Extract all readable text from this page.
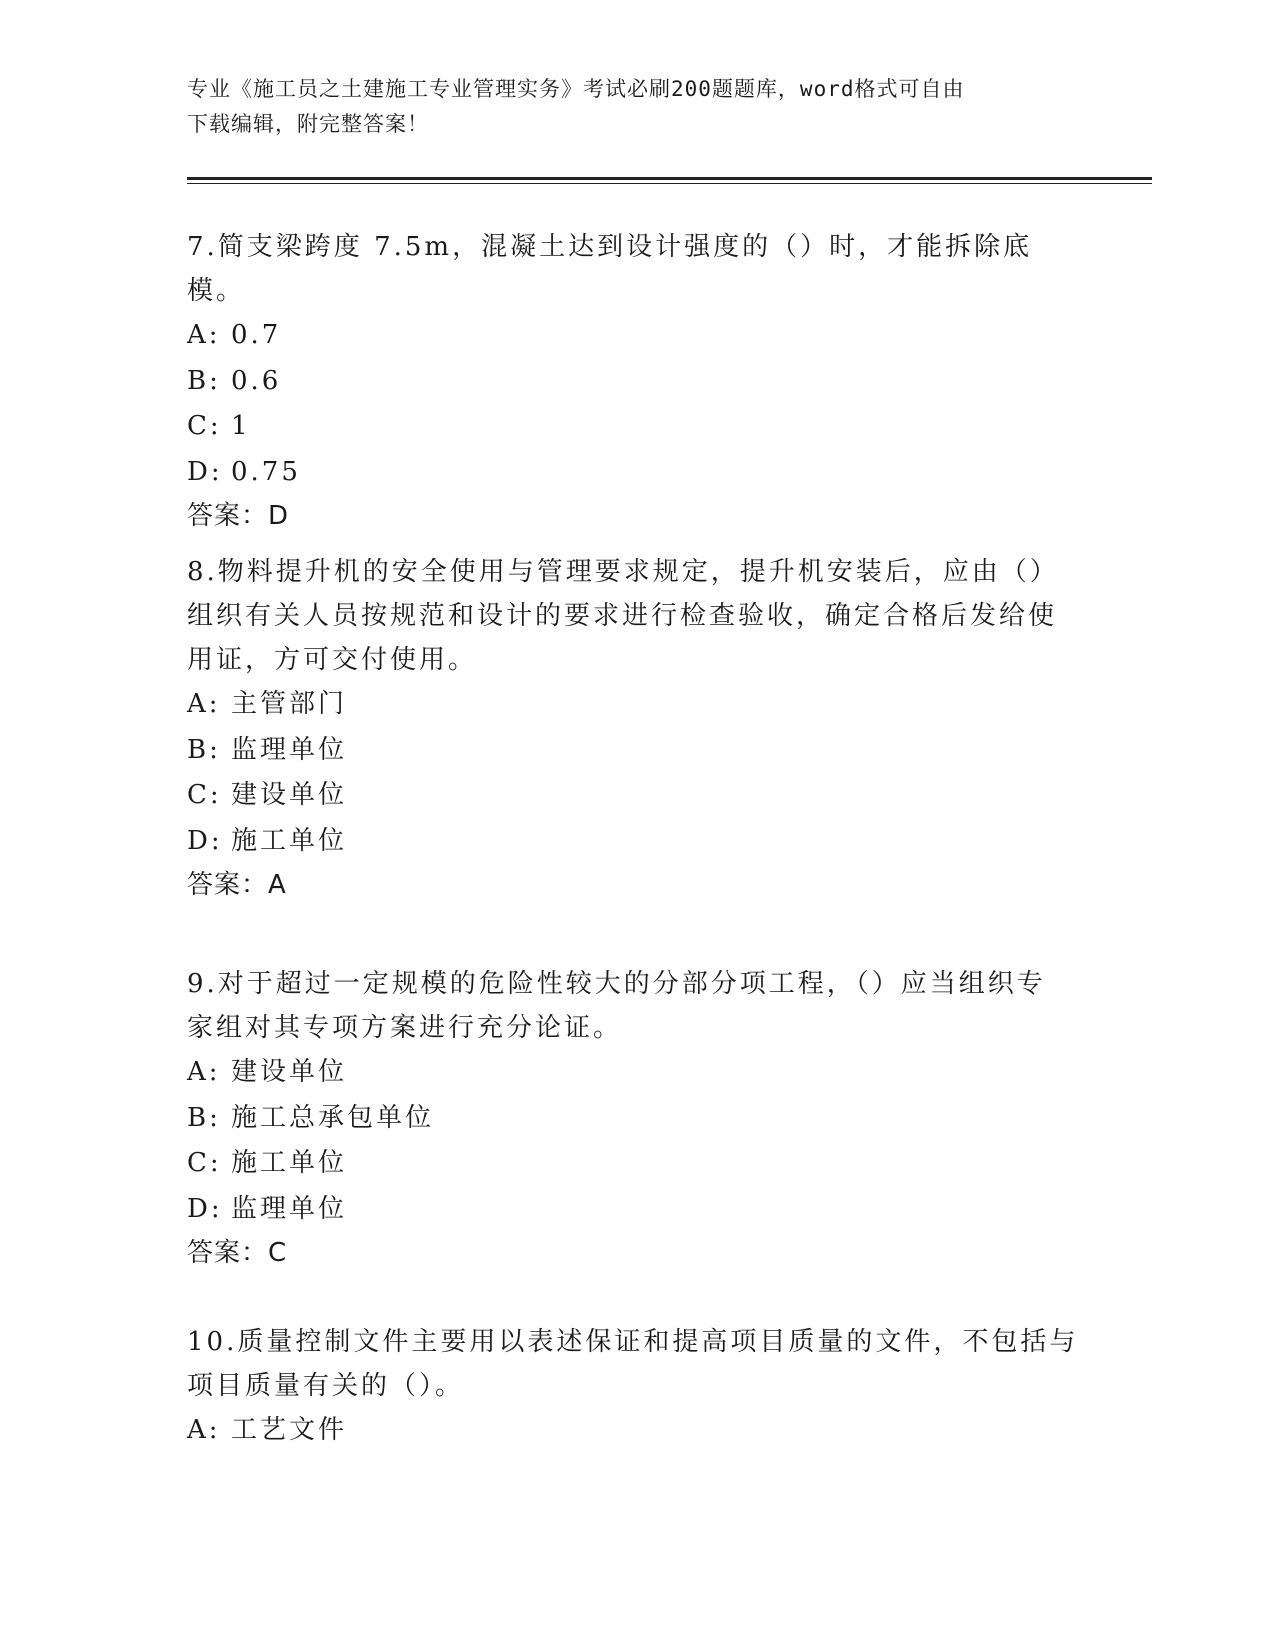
专业《施工员之土建施工专业管理实务》考试必刷200题题库，word格式可自由
下载编辑，附完整答案！

7.简支梁跨度 7.5m，混凝土达到设计强度的（）时，才能拆除底模。

A: 0.7

B: 0.6

C: 1

D: 0.75

答案：D

8.物料提升机的安全使用与管理要求规定，提升机安装后，应由（）

组织有关人员按规范和设计的要求进行检查验收，确定合格后发给使

用证，方可交付使用。

A: 主管部门

B: 监理单位

C: 建设单位

D: 施工单位

答案：A

9.对于超过一定规模的危险性较大的分部分项工程，（）应当组织专

家组对其专项方案进行充分论证。

A: 建设单位

B: 施工总承包单位

C: 施工单位

D: 监理单位

答案：C

10.质量控制文件主要用以表述保证和提高项目质量的文件，不包括与

项目质量有关的（）。

A: 工艺文件
